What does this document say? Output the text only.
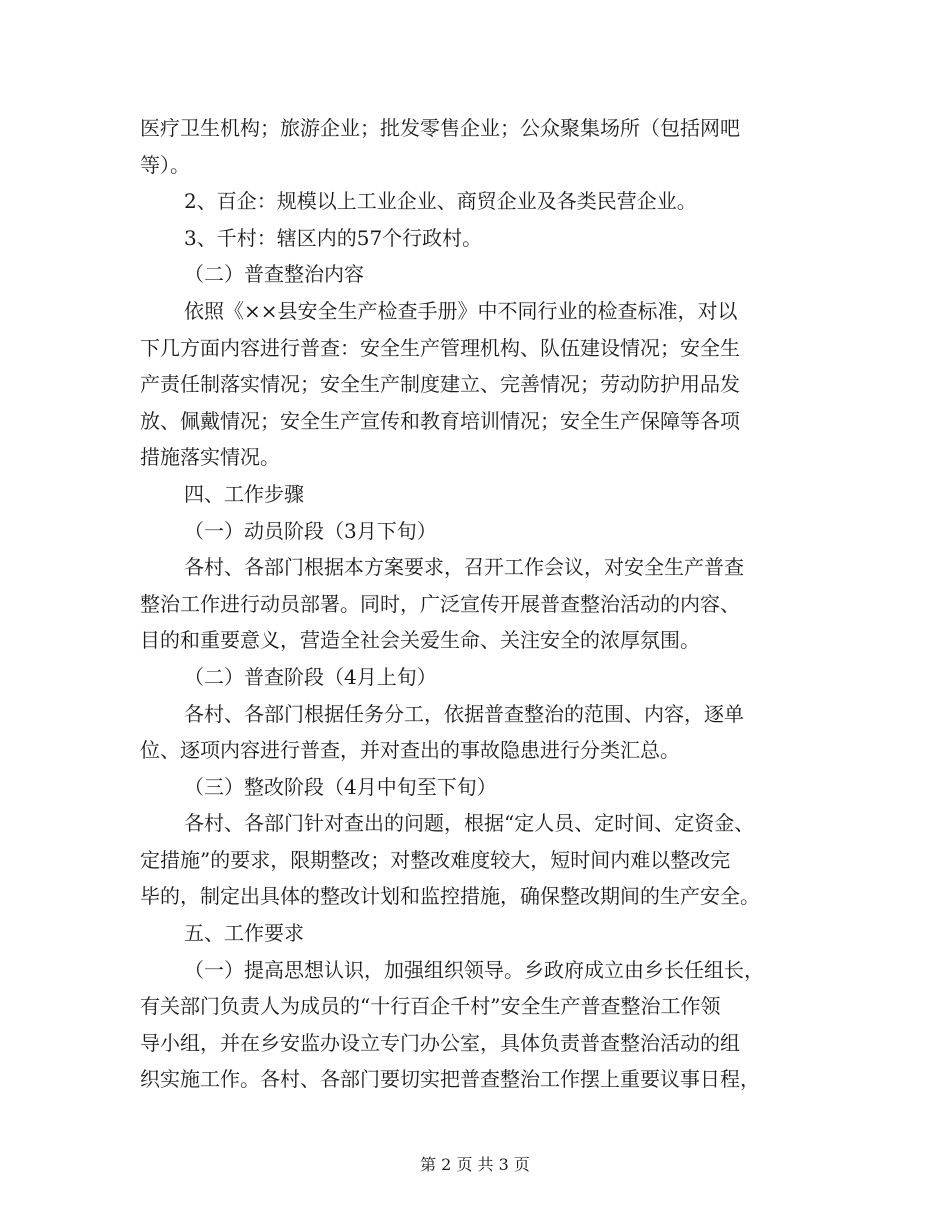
医疗卫生机构；旅游企业；批发零售企业；公众聚集场所（包括网吧
等）。
2、百企：规模以上工业企业、商贸企业及各类民营企业。
3、千村：辖区内的57个行政村。
（二）普查整治内容
依照《××县安全生产检查手册》中不同行业的检查标准，对以
下几方面内容进行普查：安全生产管理机构、队伍建设情况；安全生
产责任制落实情况；安全生产制度建立、完善情况；劳动防护用品发
放、佩戴情况；安全生产宣传和教育培训情况；安全生产保障等各项
措施落实情况。
四、工作步骤
（一）动员阶段（3月下旬）
各村、各部门根据本方案要求，召开工作会议，对安全生产普查
整治工作进行动员部署。同时，广泛宣传开展普查整治活动的内容、
目的和重要意义，营造全社会关爱生命、关注安全的浓厚氛围。
（二）普查阶段（4月上旬）
各村、各部门根据任务分工，依据普查整治的范围、内容，逐单
位、逐项内容进行普查，并对查出的事故隐患进行分类汇总。
（三）整改阶段（4月中旬至下旬）
各村、各部门针对查出的问题，根据“定人员、定时间、定资金、
定措施”的要求，限期整改；对整改难度较大，短时间内难以整改完
毕的，制定出具体的整改计划和监控措施，确保整改期间的生产安全。
五、工作要求
（一）提高思想认识，加强组织领导。乡政府成立由乡长任组长，
有关部门负责人为成员的“十行百企千村”安全生产普查整治工作领
导小组，并在乡安监办设立专门办公室，具体负责普查整治活动的组
织实施工作。各村、各部门要切实把普查整治工作摆上重要议事日程，
第 2 页 共 3 页
